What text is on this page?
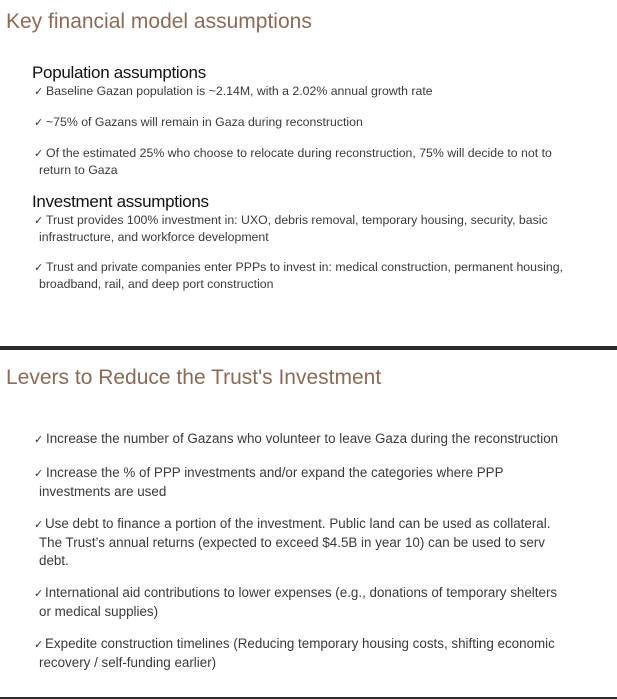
Key financial model assumptions
Population assumptions
✓ Baseline Gazan population is ~2.14M, with a 2.02% annual growth rate
✓ ~75% of Gazans will remain in Gaza during reconstruction
✓ Of the estimated 25% who choose to relocate during reconstruction, 75% will decide to not to
return to Gaza
Investment assumptions
✓ Trust provides 100% investment in: UXO, debris removal, temporary housing, security, basic
infrastructure, and workforce development
✓ Trust and private companies enter PPPs to invest in: medical construction, permanent housing,
broadband, rail, and deep port construction
Levers to Reduce the Trust's Investment
✓ Increase the number of Gazans who volunteer to leave Gaza during the reconstruction
✓ Increase the % of PPP investments and/or expand the categories where PPP
investments are used
✓ Use debt to finance a portion of the investment. Public land can be used as collateral.
The Trust’s annual returns (expected to exceed $4.5B in year 10) can be used to serv
debt.
✓ International aid contributions to lower expenses (e.g., donations of temporary shelters
or medical supplies)
✓ Expedite construction timelines (Reducing temporary housing costs, shifting economic
recovery / self-funding earlier)
